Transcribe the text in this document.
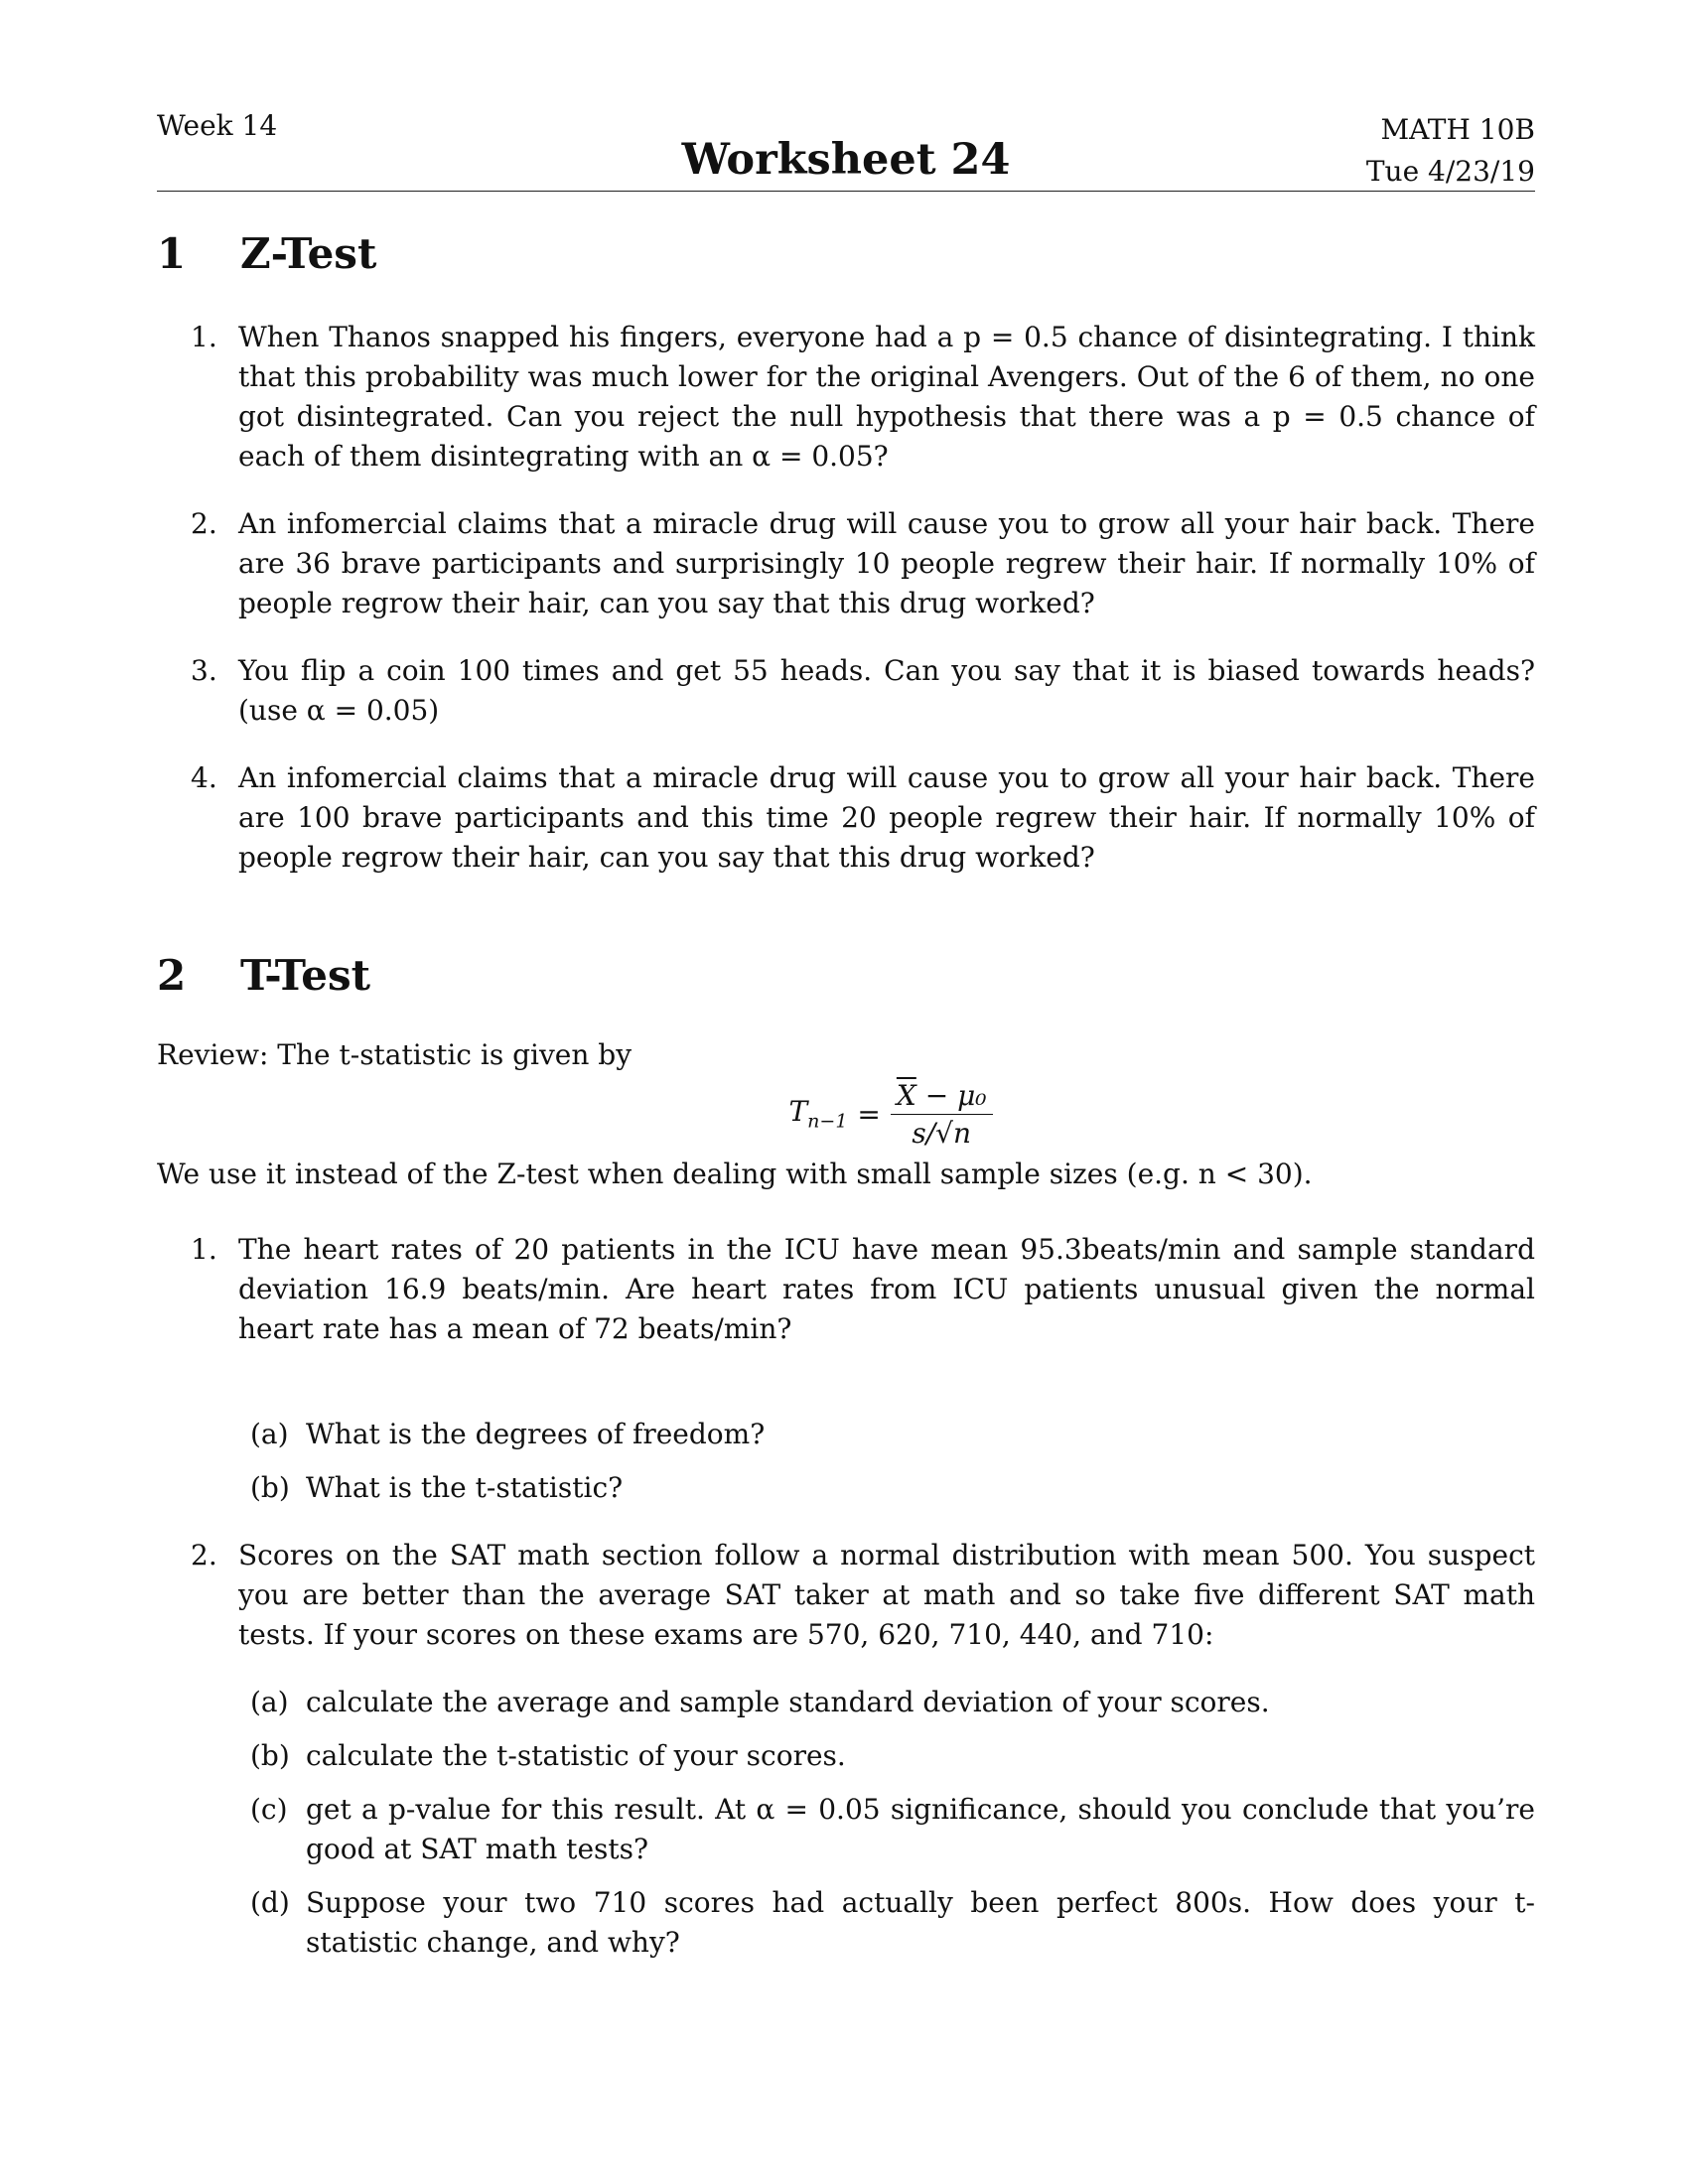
Week 14
Worksheet 24
MATH 10B
Tue 4/23/19
1	Z-Test
1. When Thanos snapped his fingers, everyone had a p = 0.5 chance of disintegrating. I think that this probability was much lower for the original Avengers. Out of the 6 of them, no one got disintegrated. Can you reject the null hypothesis that there was a p = 0.5 chance of each of them disintegrating with an α = 0.05?
2. An infomercial claims that a miracle drug will cause you to grow all your hair back. There are 36 brave participants and surprisingly 10 people regrew their hair. If normally 10% of people regrow their hair, can you say that this drug worked?
3. You flip a coin 100 times and get 55 heads. Can you say that it is biased towards heads? (use α = 0.05)
4. An infomercial claims that a miracle drug will cause you to grow all your hair back. There are 100 brave participants and this time 20 people regrew their hair. If normally 10% of people regrow their hair, can you say that this drug worked?
2	T-Test
Review: The t-statistic is given by
$T_{n-1} = \frac{\overline{X} - \mu_0}{s/√n}$
We use it instead of the Z-test when dealing with small sample sizes (e.g. n < 30).
1. The heart rates of 20 patients in the ICU have mean 95.3beats/min and sample standard deviation 16.9 beats/min. Are heart rates from ICU patients unusual given the normal heart rate has a mean of 72 beats/min?
(a) What is the degrees of freedom?
(b) What is the t-statistic?
2. Scores on the SAT math section follow a normal distribution with mean 500. You suspect you are better than the average SAT taker at math and so take five different SAT math tests. If your scores on these exams are 570, 620, 710, 440, and 710:
(a) calculate the average and sample standard deviation of your scores.
(b) calculate the t-statistic of your scores.
(c) get a p-value for this result. At α = 0.05 significance, should you conclude that you’re good at SAT math tests?
(d) Suppose your two 710 scores had actually been perfect 800s. How does your t-statistic change, and why?
